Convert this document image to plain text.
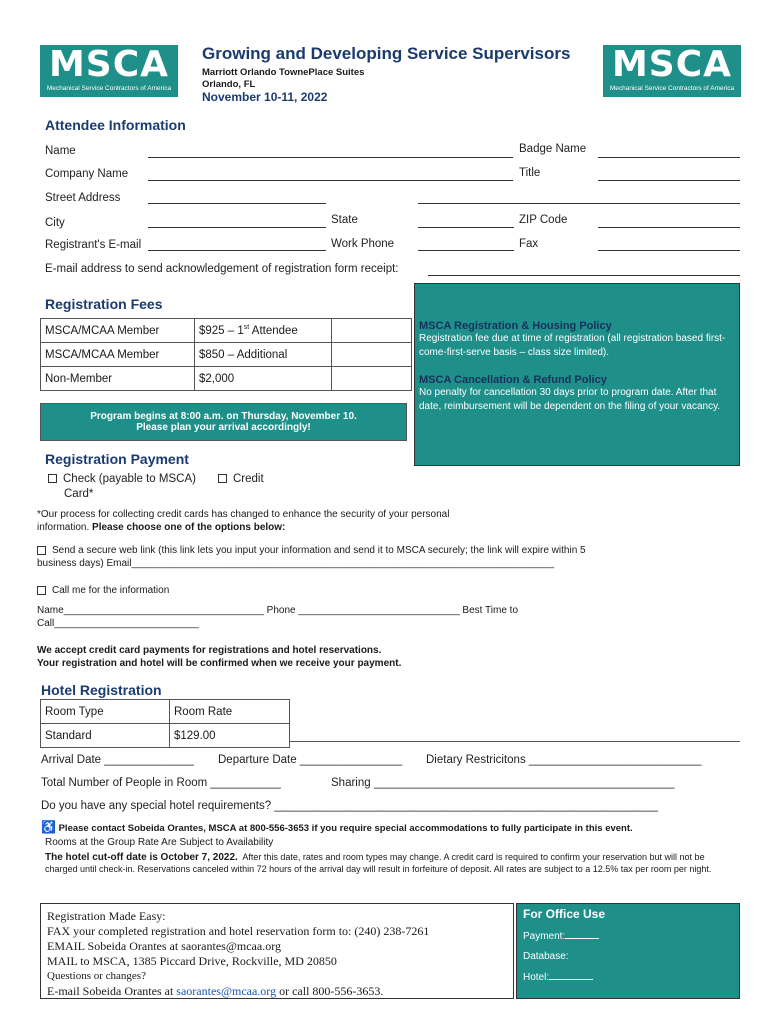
MSCA
Mechanical Service Contractors of America
Growing and Developing Service Supervisors
Marriott Orlando TownePlace Suites
Orlando, FL
November 10-11, 2022
MSCA
Mechanical Service Contractors of America
Attendee Information
Name	Badge Name
Company Name	Title
Street Address
City	State	ZIP Code
Registrant's E-mail	Work Phone	Fax
E-mail address to send acknowledgement of registration form receipt:
Registration Fees
MSCA/MCAA Member	$925 – 1st Attendee	
MSCA/MCAA Member	$850 – Additional	
Non-Member	$2,000	
Program begins at 8:00 a.m. on Thursday, November 10.
Please plan your arrival accordingly!
MSCA Registration & Housing Policy
Registration fee due at time of registration (all registration based first-come-first-serve basis – class size limited).
MSCA Cancellation & Refund Policy
No penalty for cancellation 30 days prior to program date. After that date, reimbursement will be dependent on the filing of your vacancy.
Registration Payment
Check (payable to MSCA)	Credit
Card*
*Our process for collecting credit cards has changed to enhance the security of your personal
information. Please choose one of the options below:
Send a secure web link (this link lets you input your information and send it to MSCA securely; the link will expire within 5
business days) Email____________________________________________________________________________
Call me for the information
Name____________________________________ Phone _____________________________ Best Time to
Call__________________________
We accept credit card payments for registrations and hotel reservations.
Your registration and hotel will be confirmed when we receive your payment.
Hotel Registration
Room Type	Room Rate
Standard	$129.00
Arrival Date ______________ Departure Date ________________ Dietary Restricitons ___________________________
Total Number of People in Room ___________	Sharing _______________________________________________
Do you have any special hotel requirements? ____________________________________________________________
♿ Please contact Sobeida Orantes, MSCA at 800-556-3653 if you require special accommodations to fully participate in this event.
Rooms at the Group Rate Are Subject to Availability
The hotel cut-off date is October 7, 2022. After this date, rates and room types may change. A credit card is required to confirm your reservation but will not be charged until check-in. Reservations canceled within 72 hours of the arrival day will result in forfeiture of deposit. All rates are subject to a 12.5% tax per room per night.
Registration Made Easy:
FAX your completed registration and hotel reservation form to: (240) 238-7261
EMAIL Sobeida Orantes at saorantes@mcaa.org
MAIL to MSCA, 1385 Piccard Drive, Rockville, MD 20850
Questions or changes?
E-mail Sobeida Orantes at saorantes@mcaa.org or call 800-556-3653.
For Office Use
Payment:
Database:
Hotel:
